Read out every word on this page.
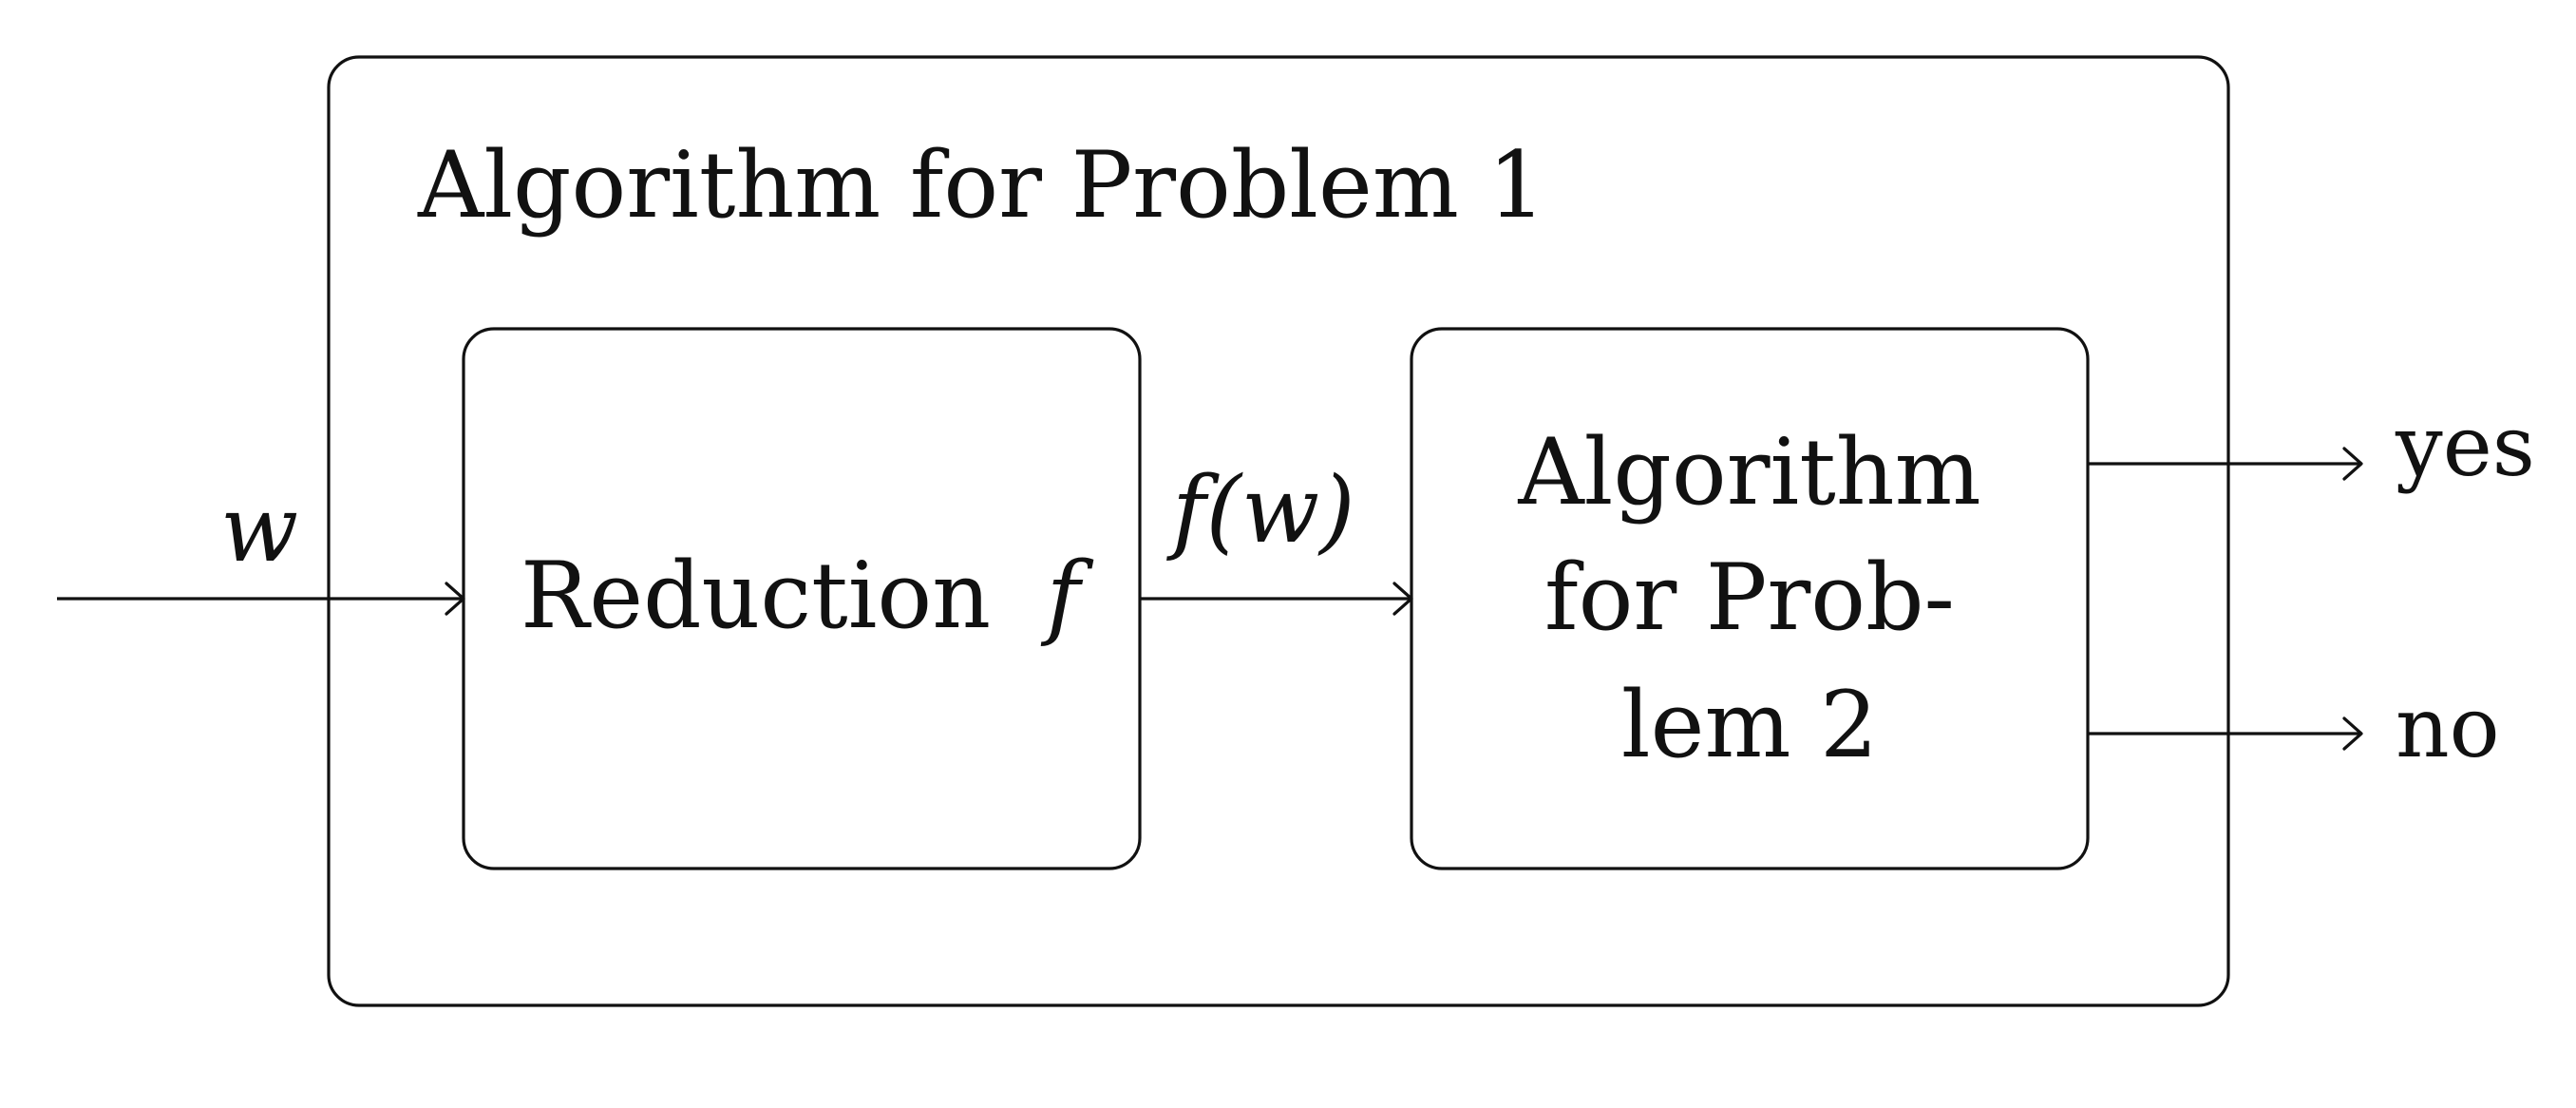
Algorithm for Problem 1
Reduction f
Algorithm
for Prob-
lem 2
w	f(w)
yes
no
